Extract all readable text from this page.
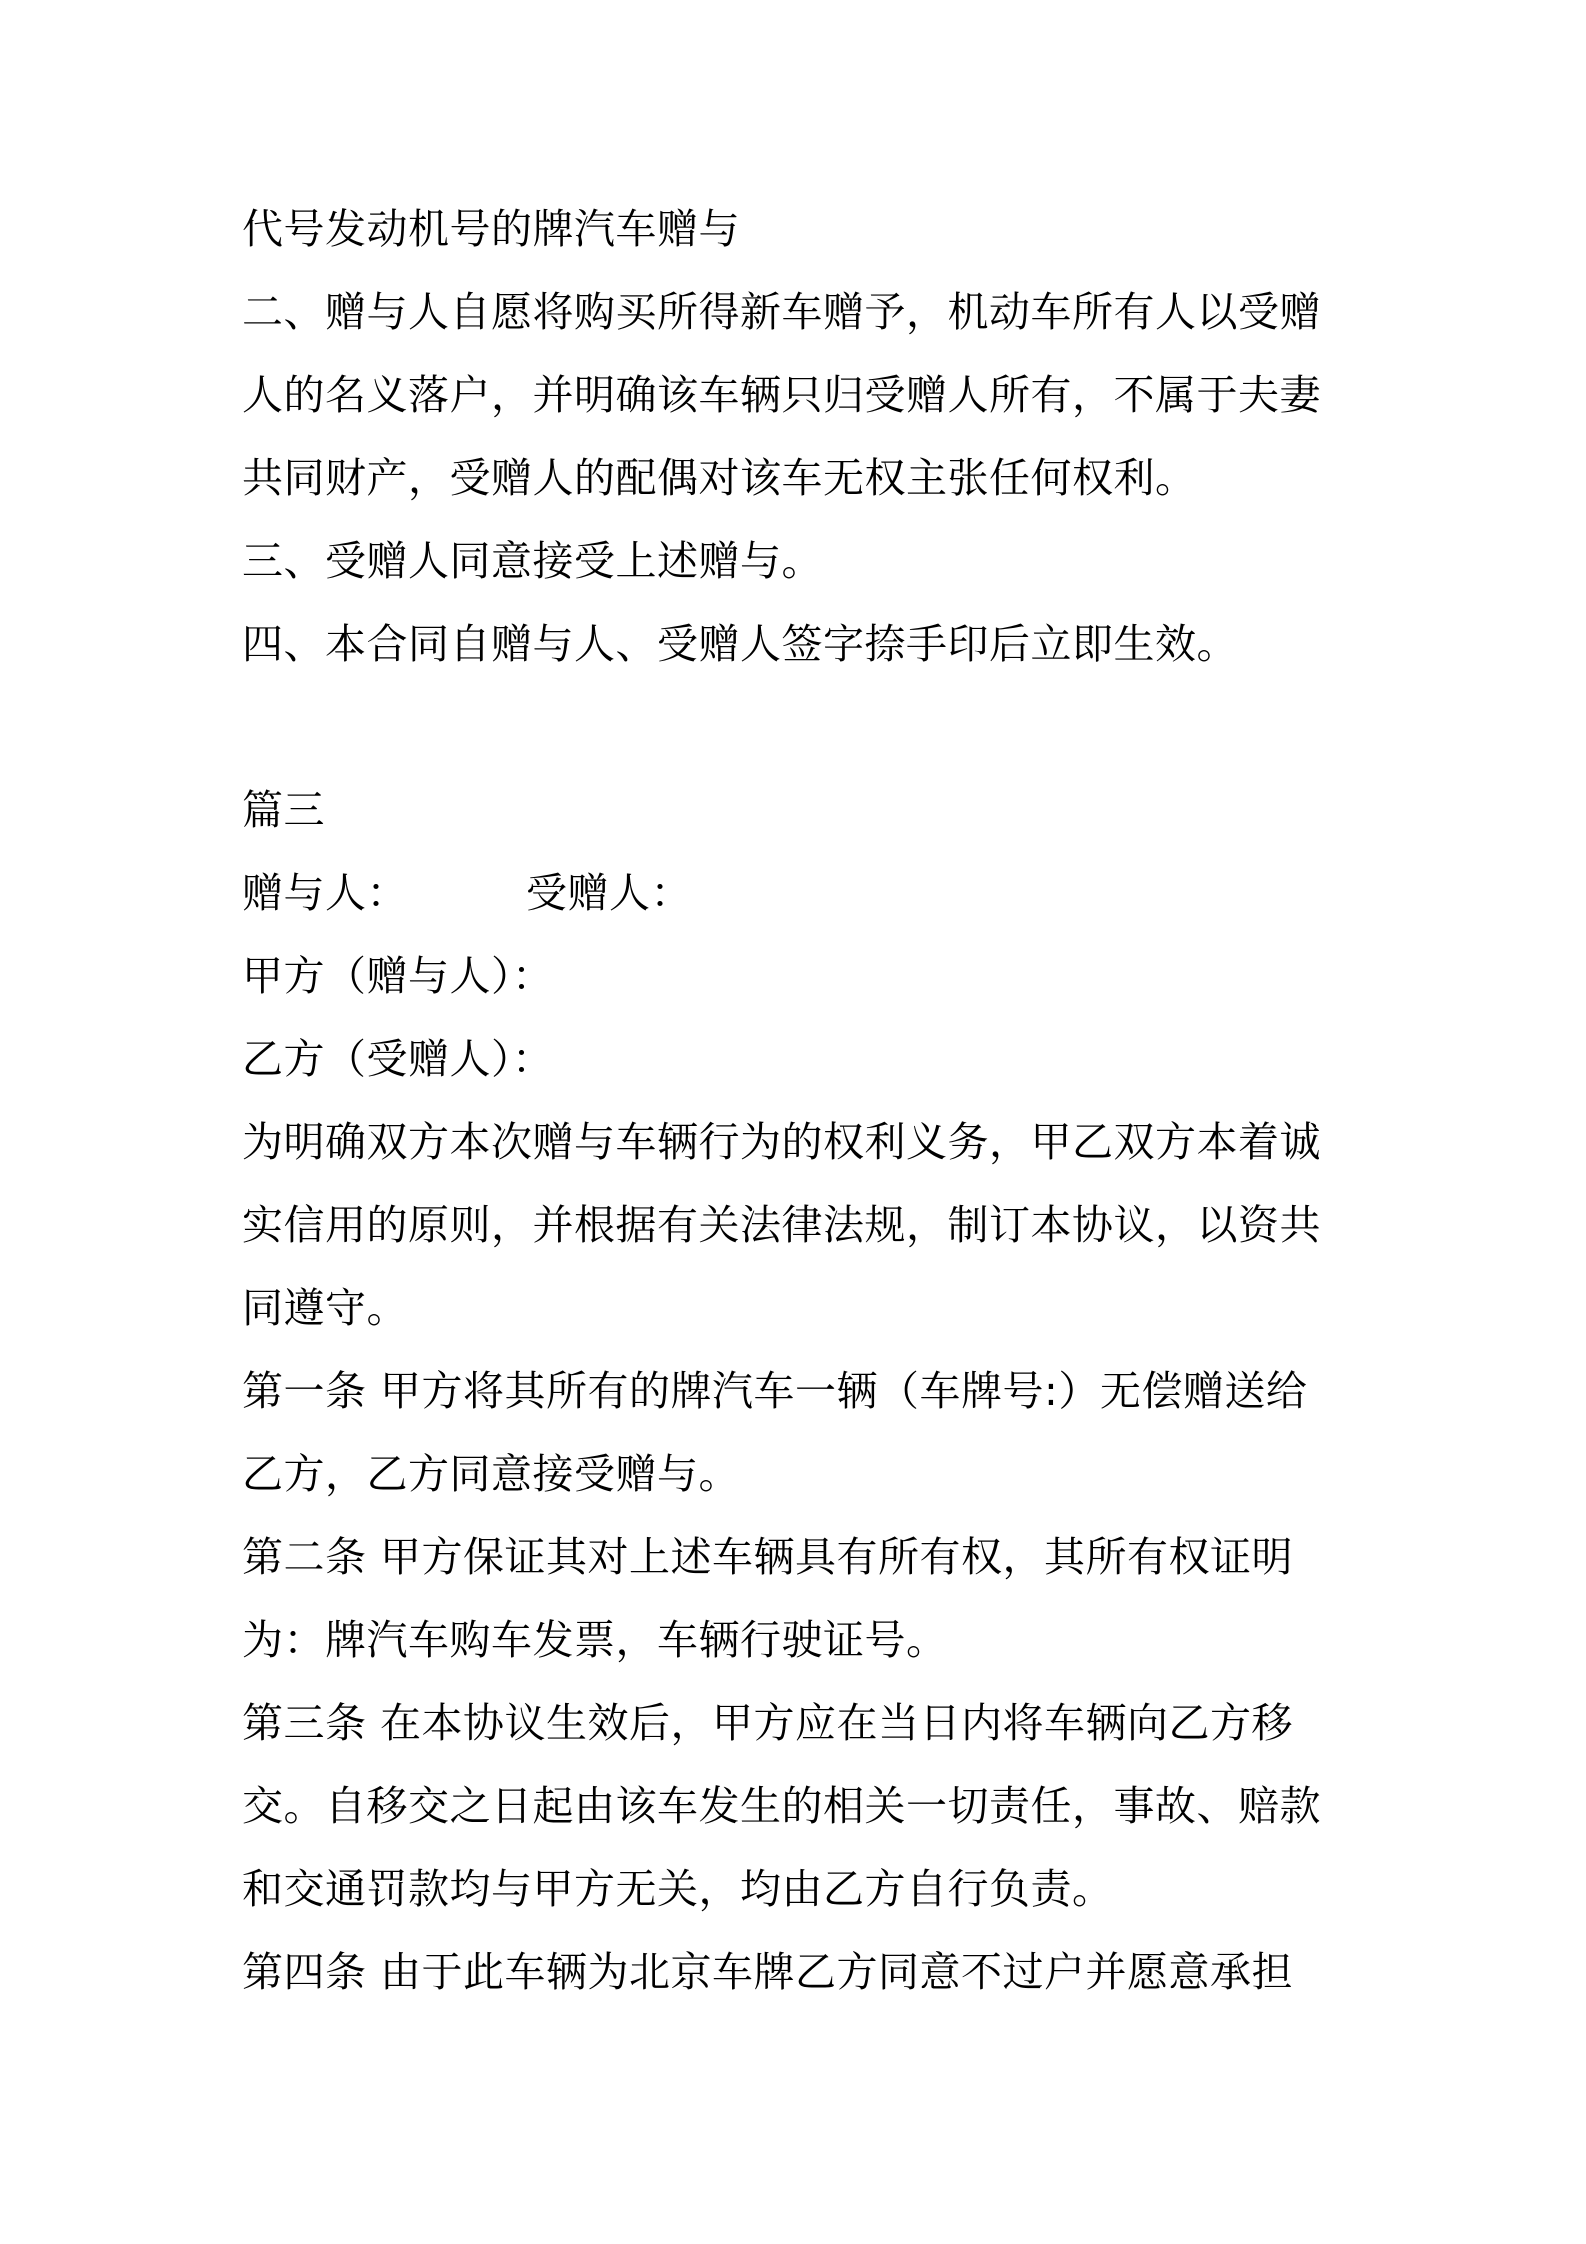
代号发动机号的牌汽车赠与
二、赠与人自愿将购买所得新车赠予，机动车所有人以受赠
人的名义落户，并明确该车辆只归受赠人所有，不属于夫妻
共同财产，受赠人的配偶对该车无权主张任何权利。
三、受赠人同意接受上述赠与。
四、本合同自赠与人、受赠人签字捺手印后立即生效。
篇三
赠与人：	受赠人：
甲方（赠与人）：
乙方（受赠人）：
为明确双方本次赠与车辆行为的权利义务，甲乙双方本着诚
实信用的原则，并根据有关法律法规，制订本协议，以资共
同遵守。
第一条 甲方将其所有的牌汽车一辆（车牌号:）无偿赠送给
乙方，乙方同意接受赠与。
第二条 甲方保证其对上述车辆具有所有权，其所有权证明
为：牌汽车购车发票，车辆行驶证号。
第三条 在本协议生效后，甲方应在当日内将车辆向乙方移
交。自移交之日起由该车发生的相关一切责任，事故、赔款
和交通罚款均与甲方无关，均由乙方自行负责。
第四条 由于此车辆为北京车牌乙方同意不过户并愿意承担
